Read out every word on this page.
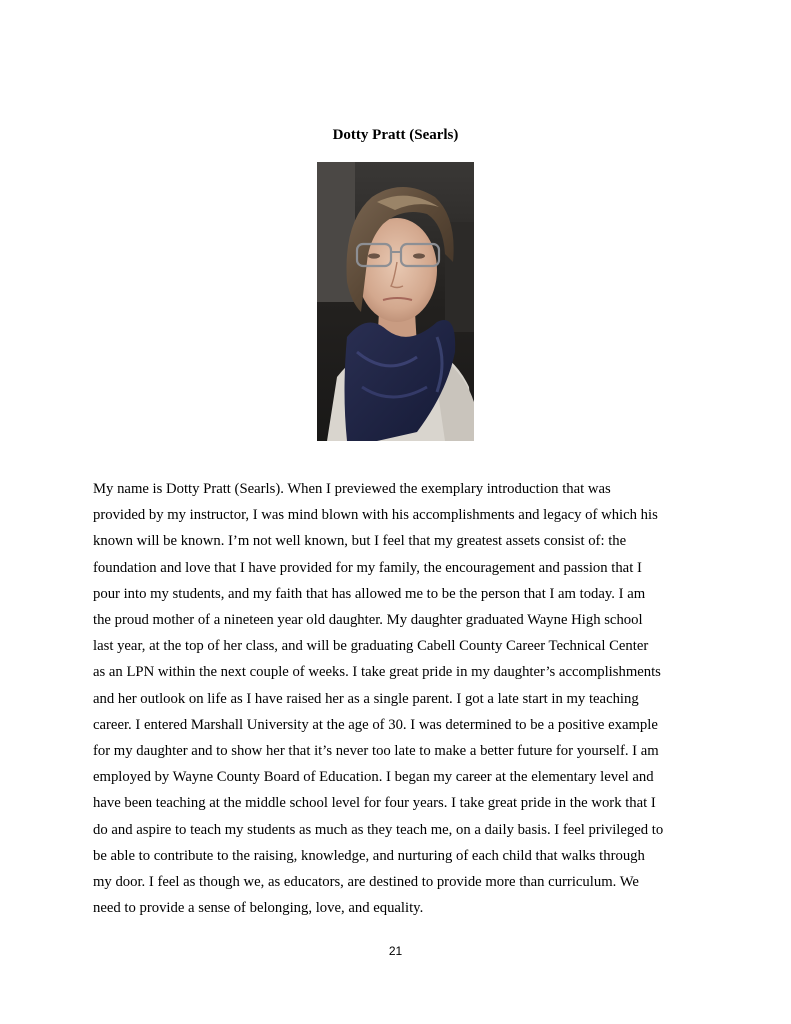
Dotty Pratt (Searls)
My name is Dotty Pratt (Searls). When I previewed the exemplary introduction that was
provided by my instructor, I was mind blown with his accomplishments and legacy of which his
known will be known. I’m not well known, but I feel that my greatest assets consist of: the
foundation and love that I have provided for my family, the encouragement and passion that I
pour into my students, and my faith that has allowed me to be the person that I am today. I am
the proud mother of a nineteen year old daughter. My daughter graduated Wayne High school
last year, at the top of her class, and will be graduating Cabell County Career Technical Center
as an LPN within the next couple of weeks. I take great pride in my daughter’s accomplishments
and her outlook on life as I have raised her as a single parent. I got a late start in my teaching
career. I entered Marshall University at the age of 30. I was determined to be a positive example
for my daughter and to show her that it’s never too late to make a better future for yourself. I am
employed by Wayne County Board of Education. I began my career at the elementary level and
have been teaching at the middle school level for four years. I take great pride in the work that I
do and aspire to teach my students as much as they teach me, on a daily basis. I feel privileged to
be able to contribute to the raising, knowledge, and nurturing of each child that walks through
my door. I feel as though we, as educators, are destined to provide more than curriculum. We
need to provide a sense of belonging, love, and equality.
21
